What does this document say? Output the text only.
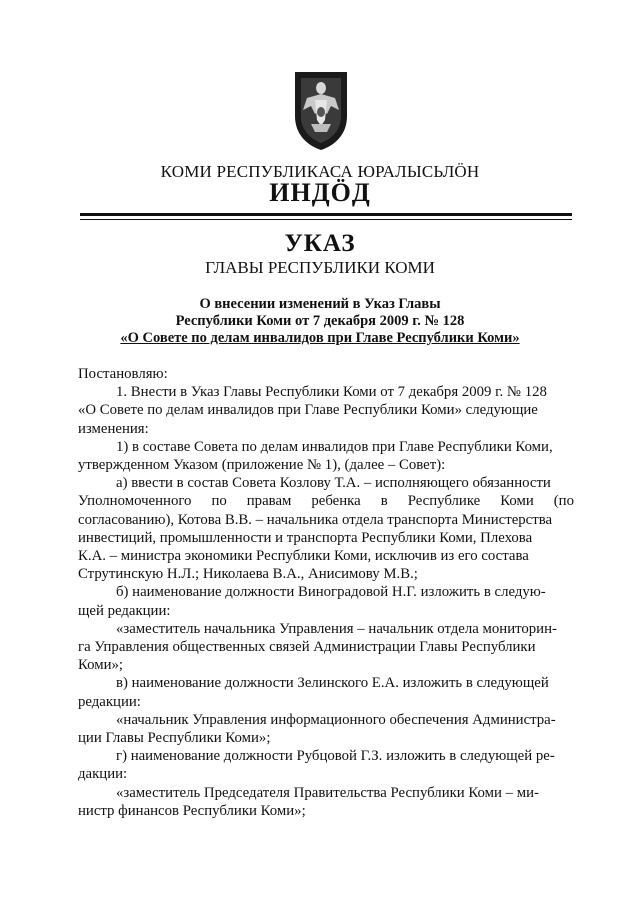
КОМИ РЕСПУБЛИКАСА ЮРАЛЫСЬЛӦН
ИНДӦД
УКАЗ
ГЛАВЫ РЕСПУБЛИКИ КОМИ
О внесении изменений в Указ Главы
Республики Коми от 7 декабря 2009 г. № 128
«О Совете по делам инвалидов при Главе Республики Коми»
Постановляю:
1. Внести в Указ Главы Республики Коми от 7 декабря 2009 г. № 128
«О Совете по делам инвалидов при Главе Республики Коми» следующие
изменения:
1) в составе Совета по делам инвалидов при Главе Республики Коми,
утвержденном Указом (приложение № 1), (далее – Совет):
а) ввести в состав Совета Козлову Т.А. – исполняющего обязанности
Уполномоченного по правам ребенка в Республике Коми (по
согласованию), Котова В.В. – начальника отдела транспорта Министерства
инвестиций, промышленности и транспорта Республики Коми, Плехова
К.А. – министра экономики Республики Коми, исключив из его состава
Струтинскую Н.Л.; Николаева В.А., Анисимову М.В.;
б) наименование должности Виноградовой Н.Г. изложить в следую-
щей редакции:
«заместитель начальника Управления – начальник отдела мониторин-
га Управления общественных связей Администрации Главы Республики
Коми»;
в) наименование должности Зелинского Е.А. изложить в следующей
редакции:
«начальник Управления информационного обеспечения Администра-
ции Главы Республики Коми»;
г) наименование должности Рубцовой Г.З. изложить в следующей ре-
дакции:
«заместитель Председателя Правительства Республики Коми – ми-
нистр финансов Республики Коми»;
